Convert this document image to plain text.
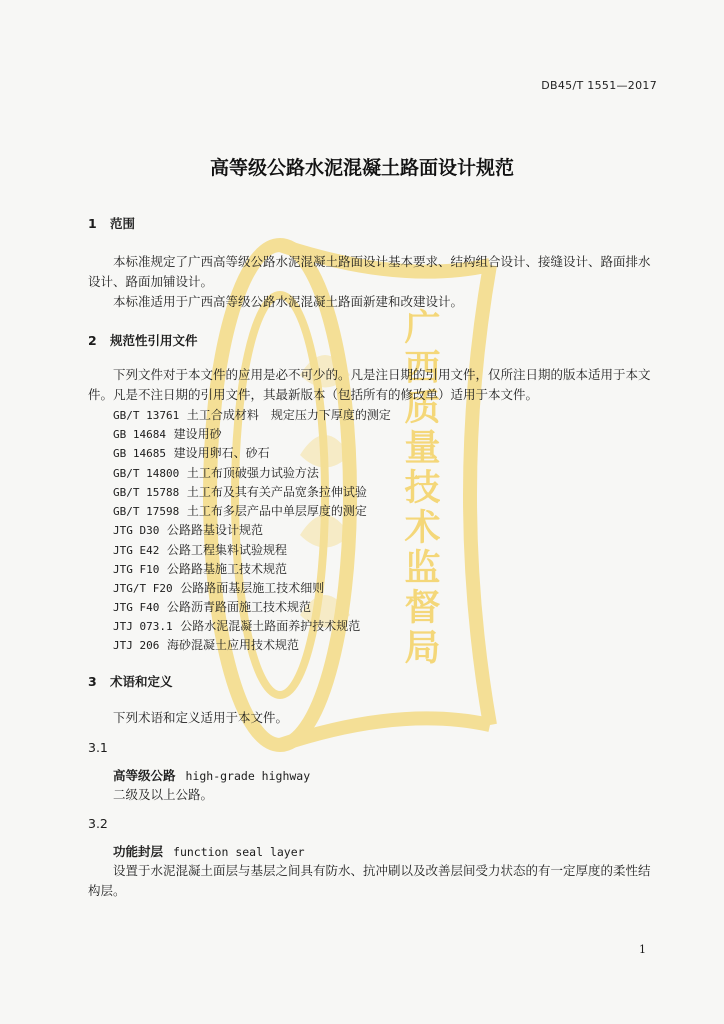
广西质量技术监督局
DB45/T 1551—2017
高等级公路水泥混凝土路面设计规范
1 范围
本标准规定了广西高等级公路水泥混凝土路面设计基本要求、结构组合设计、接缝设计、路面排水
设计、路面加铺设计。
本标准适用于广西高等级公路水泥混凝土路面新建和改建设计。
2 规范性引用文件
下列文件对于本文件的应用是必不可少的。凡是注日期的引用文件，仅所注日期的版本适用于本文
件。凡是不注日期的引用文件，其最新版本（包括所有的修改单）适用于本文件。
GB/T 13761 土工合成材料　规定压力下厚度的测定
GB 14684 建设用砂
GB 14685 建设用卵石、砂石
GB/T 14800 土工布顶破强力试验方法
GB/T 15788 土工布及其有关产品宽条拉伸试验
GB/T 17598 土工布多层产品中单层厚度的测定
JTG D30 公路路基设计规范
JTG E42 公路工程集料试验规程
JTG F10 公路路基施工技术规范
JTG/T F20 公路路面基层施工技术细则
JTG F40 公路沥青路面施工技术规范
JTJ 073.1 公路水泥混凝土路面养护技术规范
JTJ 206 海砂混凝土应用技术规范
3 术语和定义
下列术语和定义适用于本文件。
3.1
高等级公路 high-grade highway
二级及以上公路。
3.2
功能封层 function seal layer
设置于水泥混凝土面层与基层之间具有防水、抗冲刷以及改善层间受力状态的有一定厚度的柔性结
构层。
1
